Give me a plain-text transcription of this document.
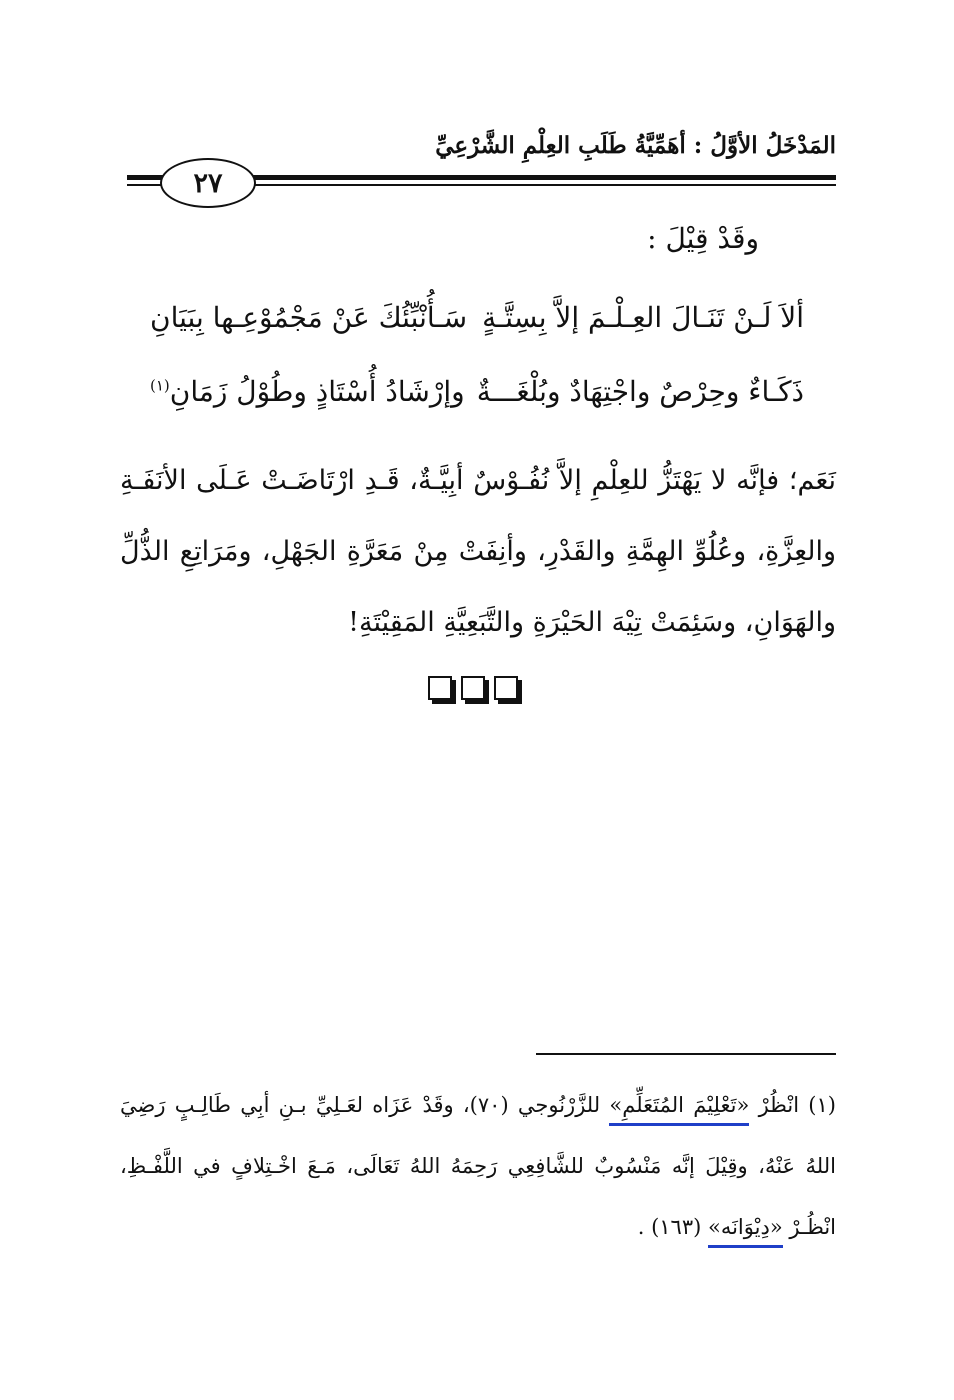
المَدْخَلُ الأوَّلُ : أهَمِّيَّةُ طَلَبِ العِلْمِ الشَّرْعِيِّ
٢٧
وقَدْ قِيْلَ :
ألاَ لَـنْ تَنَـالَ العِـلْـمَ إلاَّ بِسِتَّـةٍ
سَـأُنْبِّئُكَ عَنْ مَجْمُوْعِـها بِبَيَانِ
ذَكَـاءٌ وحِرْصٌ واجْتِهَادٌ وبُلْغَـــةٌ
وإرْشَادُ أُسْتَاذٍ وطُوْلُ زَمَانِ$^{(١)}$
نَعَم؛ فإنَّه لا يَهْتَزُّ للعِلْمِ إلاَّ نُفُـوْسٌ أبِيَّـةٌ، قَـدِ ارْتَاضَـتْ عَـلَى الأنَفَـةِ والعِزَّةِ، وعُلُوِّ الهِمَّةِ والقَدْرِ، وأنِفَتْ مِنْ مَعَرَّةِ الجَهْلِ، ومَرَاتِعِ الذُّلِّ والهَوَانِ، وسَئِمَتْ تِيْهَ الحَيْرَةِ والتَّبَعِيَّةِ المَقِيْتَةِ!
(١) انْظُرْ «تَعْلِيْمَ المُتَعَلِّمِ» للزَّرْنُوجي (٧٠)، وقَدْ عَزَاه لعَـلِيِّ بـنِ أبِي طَالِـبٍ رَضِيَ اللهُ عَنْهُ، وقِيْلَ إنَّه مَنْسُوبٌ للشَّافِعِي رَحِمَهُ اللهُ تَعَالَى، مَـعَ اخْـتِلافٍ في اللَّفْـظِ، انْظُـرْ «دِيْوَانَه» (١٦٣) .
